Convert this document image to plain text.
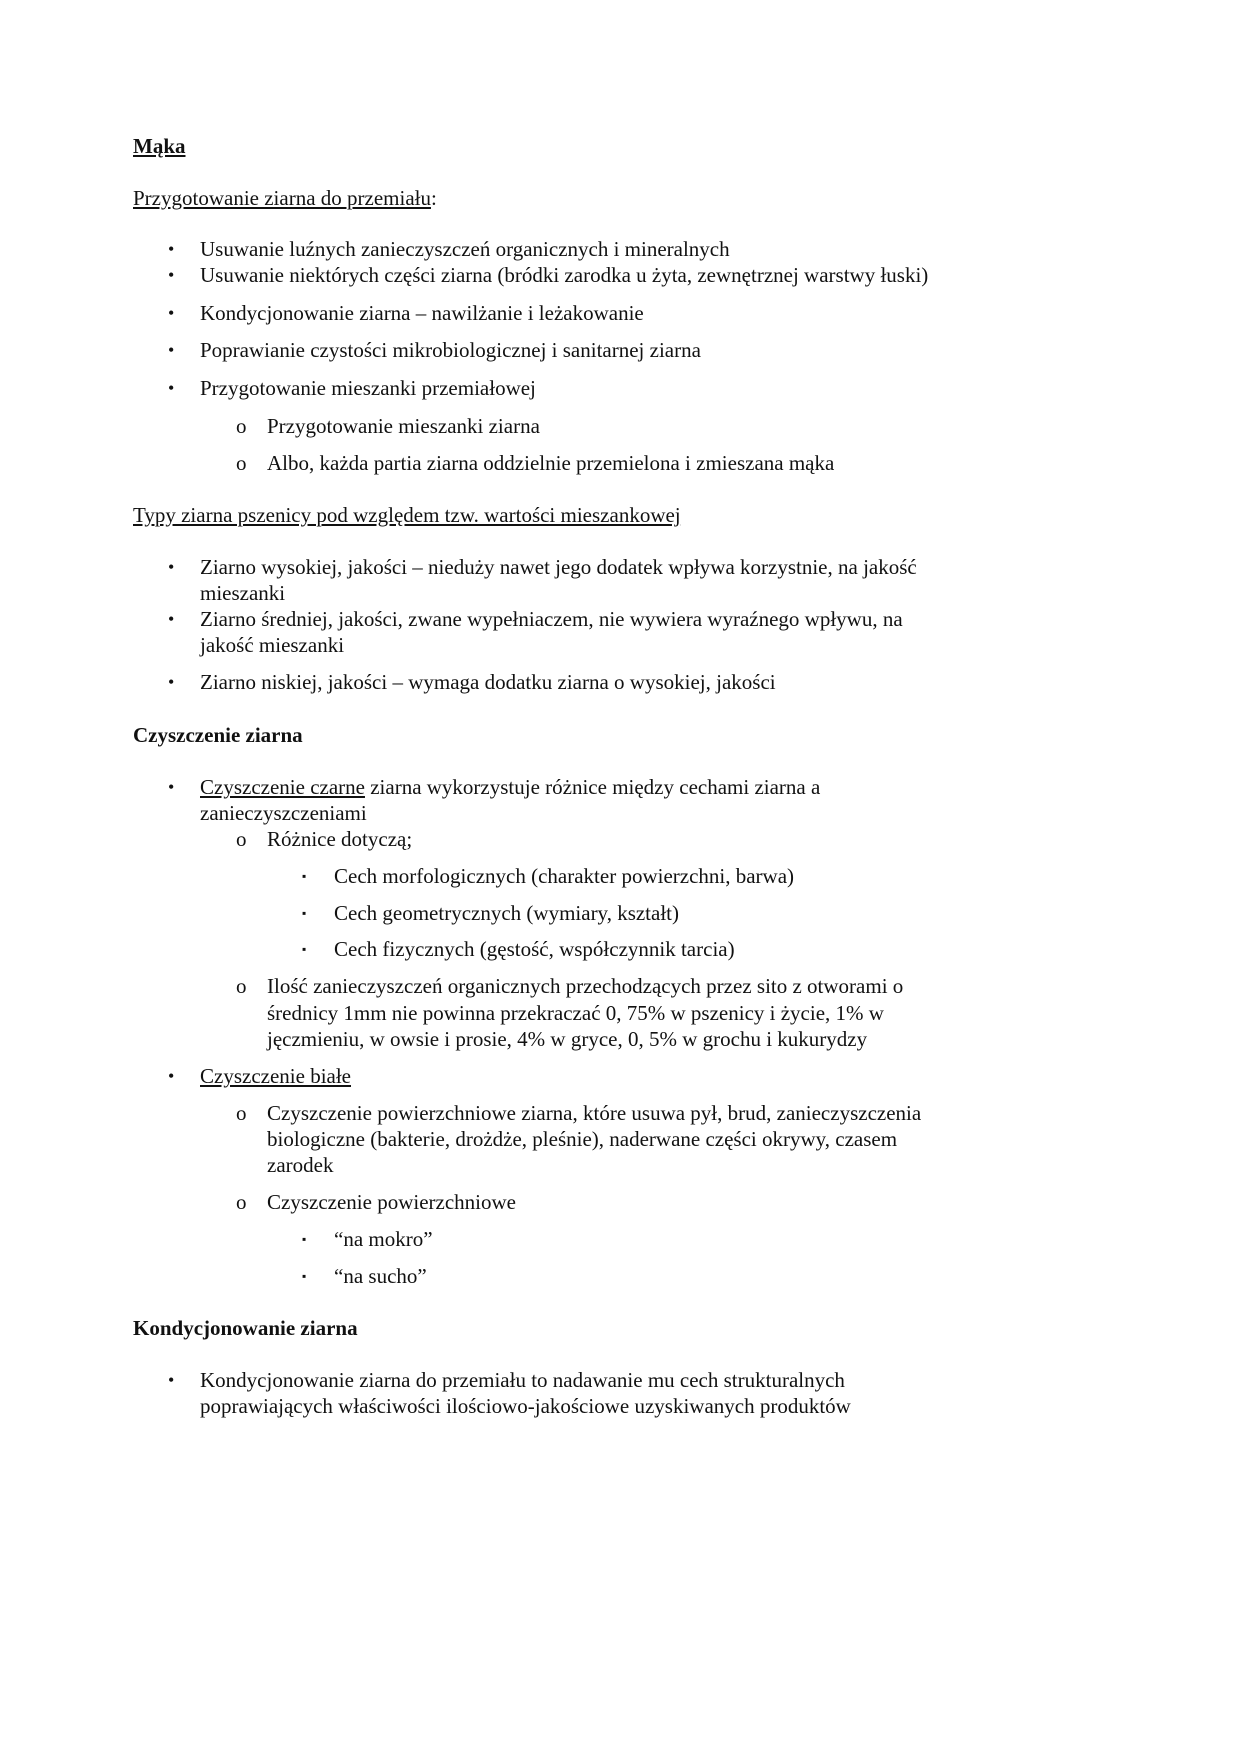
Mąka
Przygotowanie ziarna do przemiału:
• Usuwanie luźnych zanieczyszczeń organicznych i mineralnych
• Usuwanie niektórych części ziarna (bródki zarodka u żyta, zewnętrznej warstwy łuski)
• Kondycjonowanie ziarna – nawilżanie i leżakowanie
• Poprawianie czystości mikrobiologicznej i sanitarnej ziarna
• Przygotowanie mieszanki przemiałowej
o Przygotowanie mieszanki ziarna
o Albo, każda partia ziarna oddzielnie przemielona i zmieszana mąka
Typy ziarna pszenicy pod względem tzw. wartości mieszankowej
• Ziarno wysokiej, jakości – nieduży nawet jego dodatek wpływa korzystnie, na jakość
mieszanki
• Ziarno średniej, jakości, zwane wypełniaczem, nie wywiera wyraźnego wpływu, na
jakość mieszanki
• Ziarno niskiej, jakości – wymaga dodatku ziarna o wysokiej, jakości
Czyszczenie ziarna
• Czyszczenie czarne ziarna wykorzystuje różnice między cechami ziarna a
zanieczyszczeniami
o Różnice dotyczą;
▪ Cech morfologicznych (charakter powierzchni, barwa)
▪ Cech geometrycznych (wymiary, kształt)
▪ Cech fizycznych (gęstość, współczynnik tarcia)
o Ilość zanieczyszczeń organicznych przechodzących przez sito z otworami o
średnicy 1mm nie powinna przekraczać 0, 75% w pszenicy i życie, 1% w
jęczmieniu, w owsie i prosie, 4% w gryce, 0, 5% w grochu i kukurydzy
• Czyszczenie białe
o Czyszczenie powierzchniowe ziarna, które usuwa pył, brud, zanieczyszczenia
biologiczne (bakterie, drożdże, pleśnie), naderwane części okrywy, czasem
zarodek
o Czyszczenie powierzchniowe
▪ “na mokro”
▪ “na sucho”
Kondycjonowanie ziarna
• Kondycjonowanie ziarna do przemiału to nadawanie mu cech strukturalnych
poprawiających właściwości ilościowo-jakościowe uzyskiwanych produktów
